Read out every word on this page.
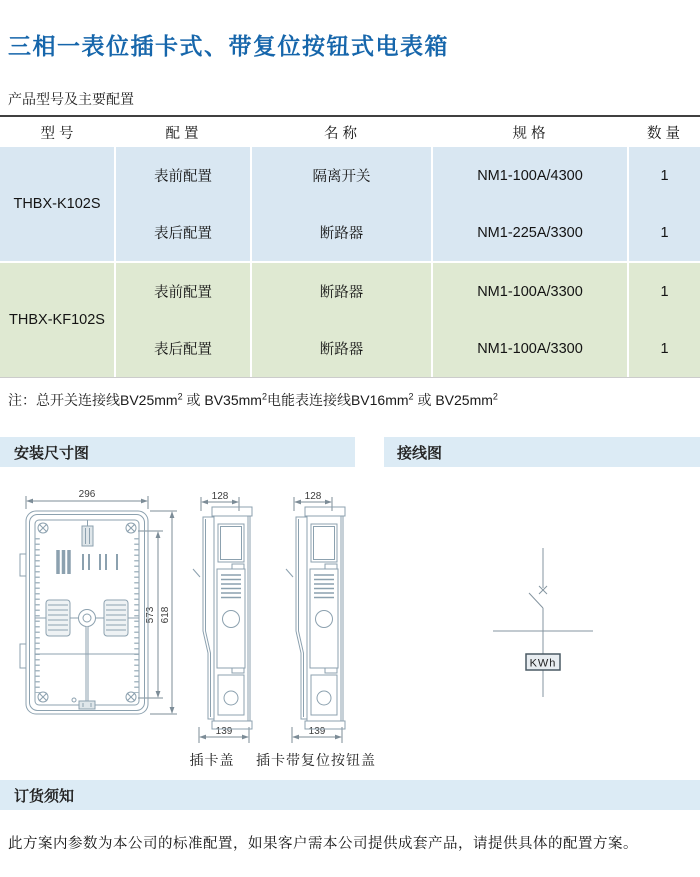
三相一表位插卡式、带复位按钮式电表箱
产品型号及主要配置
型 号	配 置	名 称	规 格	数 量
THBX-K102S
表前配置	隔离开关	NM1-100A/4300	1
表后配置	断路器	NM1-225A/3300	1
THBX-KF102S
表前配置	断路器	NM1-100A/3300	1
表后配置	断路器	NM1-100A/3300	1
注：总开关连接线$BV25mm^2$ 或 $BV35mm^2$电能表连接线$BV16mm^2$ 或 $BV25mm^2$
安装尺寸图	接线图
296
573 618
128
139
128
139
插卡盖	插卡带复位按钮盖
KWh
订货须知
此方案内参数为本公司的标准配置，如果客户需本公司提供成套产品，请提供具体的配置方案。
